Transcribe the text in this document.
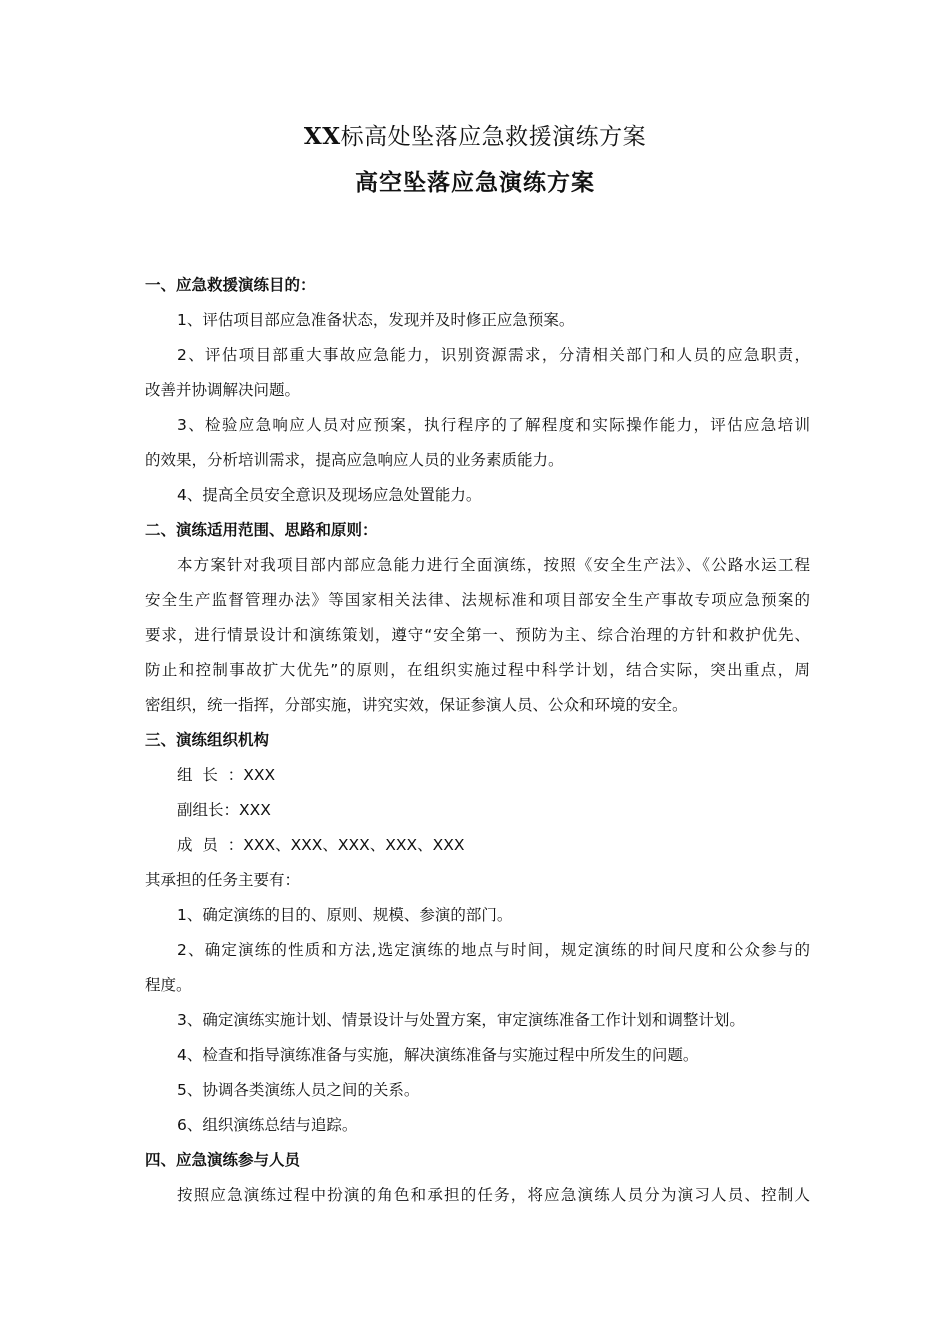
XX标高处坠落应急救援演练方案
高空坠落应急演练方案
一、应急救援演练目的：
1、评估项目部应急准备状态，发现并及时修正应急预案。
2、评估项目部重大事故应急能力，识别资源需求，分清相关部门和人员的应急职责，
改善并协调解决问题。
3、检验应急响应人员对应预案，执行程序的了解程度和实际操作能力，评估应急培训
的效果，分析培训需求，提高应急响应人员的业务素质能力。
4、提高全员安全意识及现场应急处置能力。
二、演练适用范围、思路和原则：
本方案针对我项目部内部应急能力进行全面演练，按照《安全生产法》、《公路水运工程
安全生产监督管理办法》等国家相关法律、法规标准和项目部安全生产事故专项应急预案的
要求，进行情景设计和演练策划，遵守“安全第一、预防为主、综合治理的方针和救护优先、
防止和控制事故扩大优先”的原则，在组织实施过程中科学计划，结合实际，突出重点，周
密组织，统一指挥，分部实施，讲究实效，保证参演人员、公众和环境的安全。
三、演练组织机构
组  长  ：XXX
副组长：XXX
成  员  ：XXX、XXX、XXX、XXX、XXX
其承担的任务主要有：
1、确定演练的目的、原则、规模、参演的部门。
2、确定演练的性质和方法,选定演练的地点与时间，规定演练的时间尺度和公众参与的
程度。
3、确定演练实施计划、情景设计与处置方案，审定演练准备工作计划和调整计划。
4、检查和指导演练准备与实施，解决演练准备与实施过程中所发生的问题。
5、协调各类演练人员之间的关系。
6、组织演练总结与追踪。
四、应急演练参与人员
按照应急演练过程中扮演的角色和承担的任务，将应急演练人员分为演习人员、控制人
